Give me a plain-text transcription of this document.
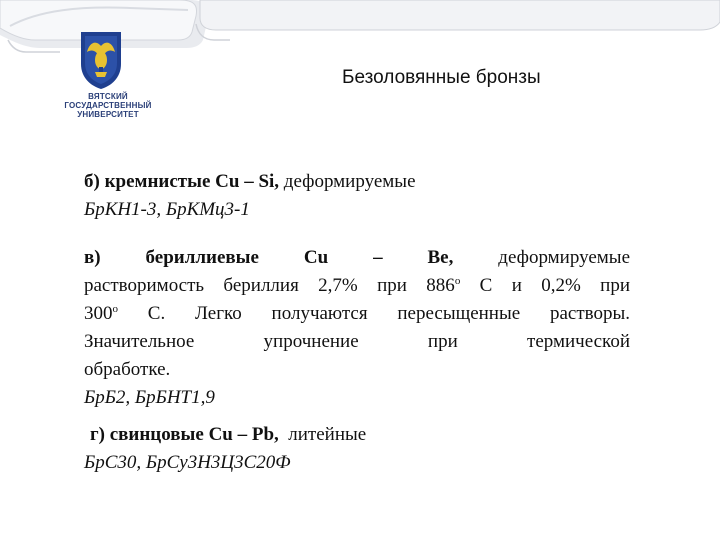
ВЯТСКИЙ
ГОСУДАРСТВЕННЫЙ
УНИВЕРСИТЕТ
Безоловянные бронзы
б) кремнистые Cu – Si, деформируемые
БрКН1-3, БрКМц3-1
в) бериллиевые Cu – Be, деформируемые
растворимость бериллия 2,7% при 886$^o$ С и 0,2% при
300$^o$ С. Легко получаются пересыщенные растворы.
Значительное упрочнение при термической
обработке.
БрБ2, БрБНТ1,9
г) свинцовые Cu – Pb, литейные
БрС30, БрСу3Н3Ц3С20Ф
